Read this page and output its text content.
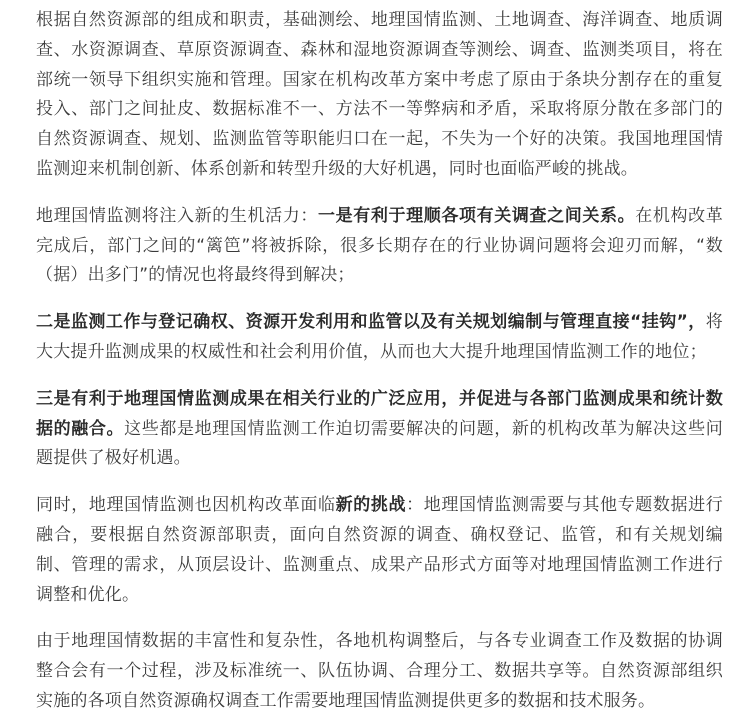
根据自然资源部的组成和职责，基础测绘、地理国情监测、土地调查、海洋调查、地质调查、水资源调查、草原资源调查、森林和湿地资源调查等测绘、调查、监测类项目，将在部统一领导下组织实施和管理。国家在机构改革方案中考虑了原由于条块分割存在的重复投入、部门之间扯皮、数据标准不一、方法不一等弊病和矛盾，采取将原分散在多部门的自然资源调查、规划、监测监管等职能归口在一起，不失为一个好的决策。我国地理国情监测迎来机制创新、体系创新和转型升级的大好机遇，同时也面临严峻的挑战。

地理国情监测将注入新的生机活力：一是有利于理顺各项有关调查之间关系。在机构改革完成后，部门之间的“篱笆”将被拆除，很多长期存在的行业协调问题将会迎刃而解，“数（据）出多门”的情况也将最终得到解决；

二是监测工作与登记确权、资源开发利用和监管以及有关规划编制与管理直接“挂钩”，将大大提升监测成果的权威性和社会利用价值，从而也大大提升地理国情监测工作的地位；

三是有利于地理国情监测成果在相关行业的广泛应用，并促进与各部门监测成果和统计数据的融合。这些都是地理国情监测工作迫切需要解决的问题，新的机构改革为解决这些问题提供了极好机遇。

同时，地理国情监测也因机构改革面临新的挑战：地理国情监测需要与其他专题数据进行融合，要根据自然资源部职责，面向自然资源的调查、确权登记、监管，和有关规划编制、管理的需求，从顶层设计、监测重点、成果产品形式方面等对地理国情监测工作进行调整和优化。

由于地理国情数据的丰富性和复杂性，各地机构调整后，与各专业调查工作及数据的协调整合会有一个过程，涉及标准统一、队伍协调、合理分工、数据共享等。自然资源部组织实施的各项自然资源确权调查工作需要地理国情监测提供更多的数据和技术服务。
